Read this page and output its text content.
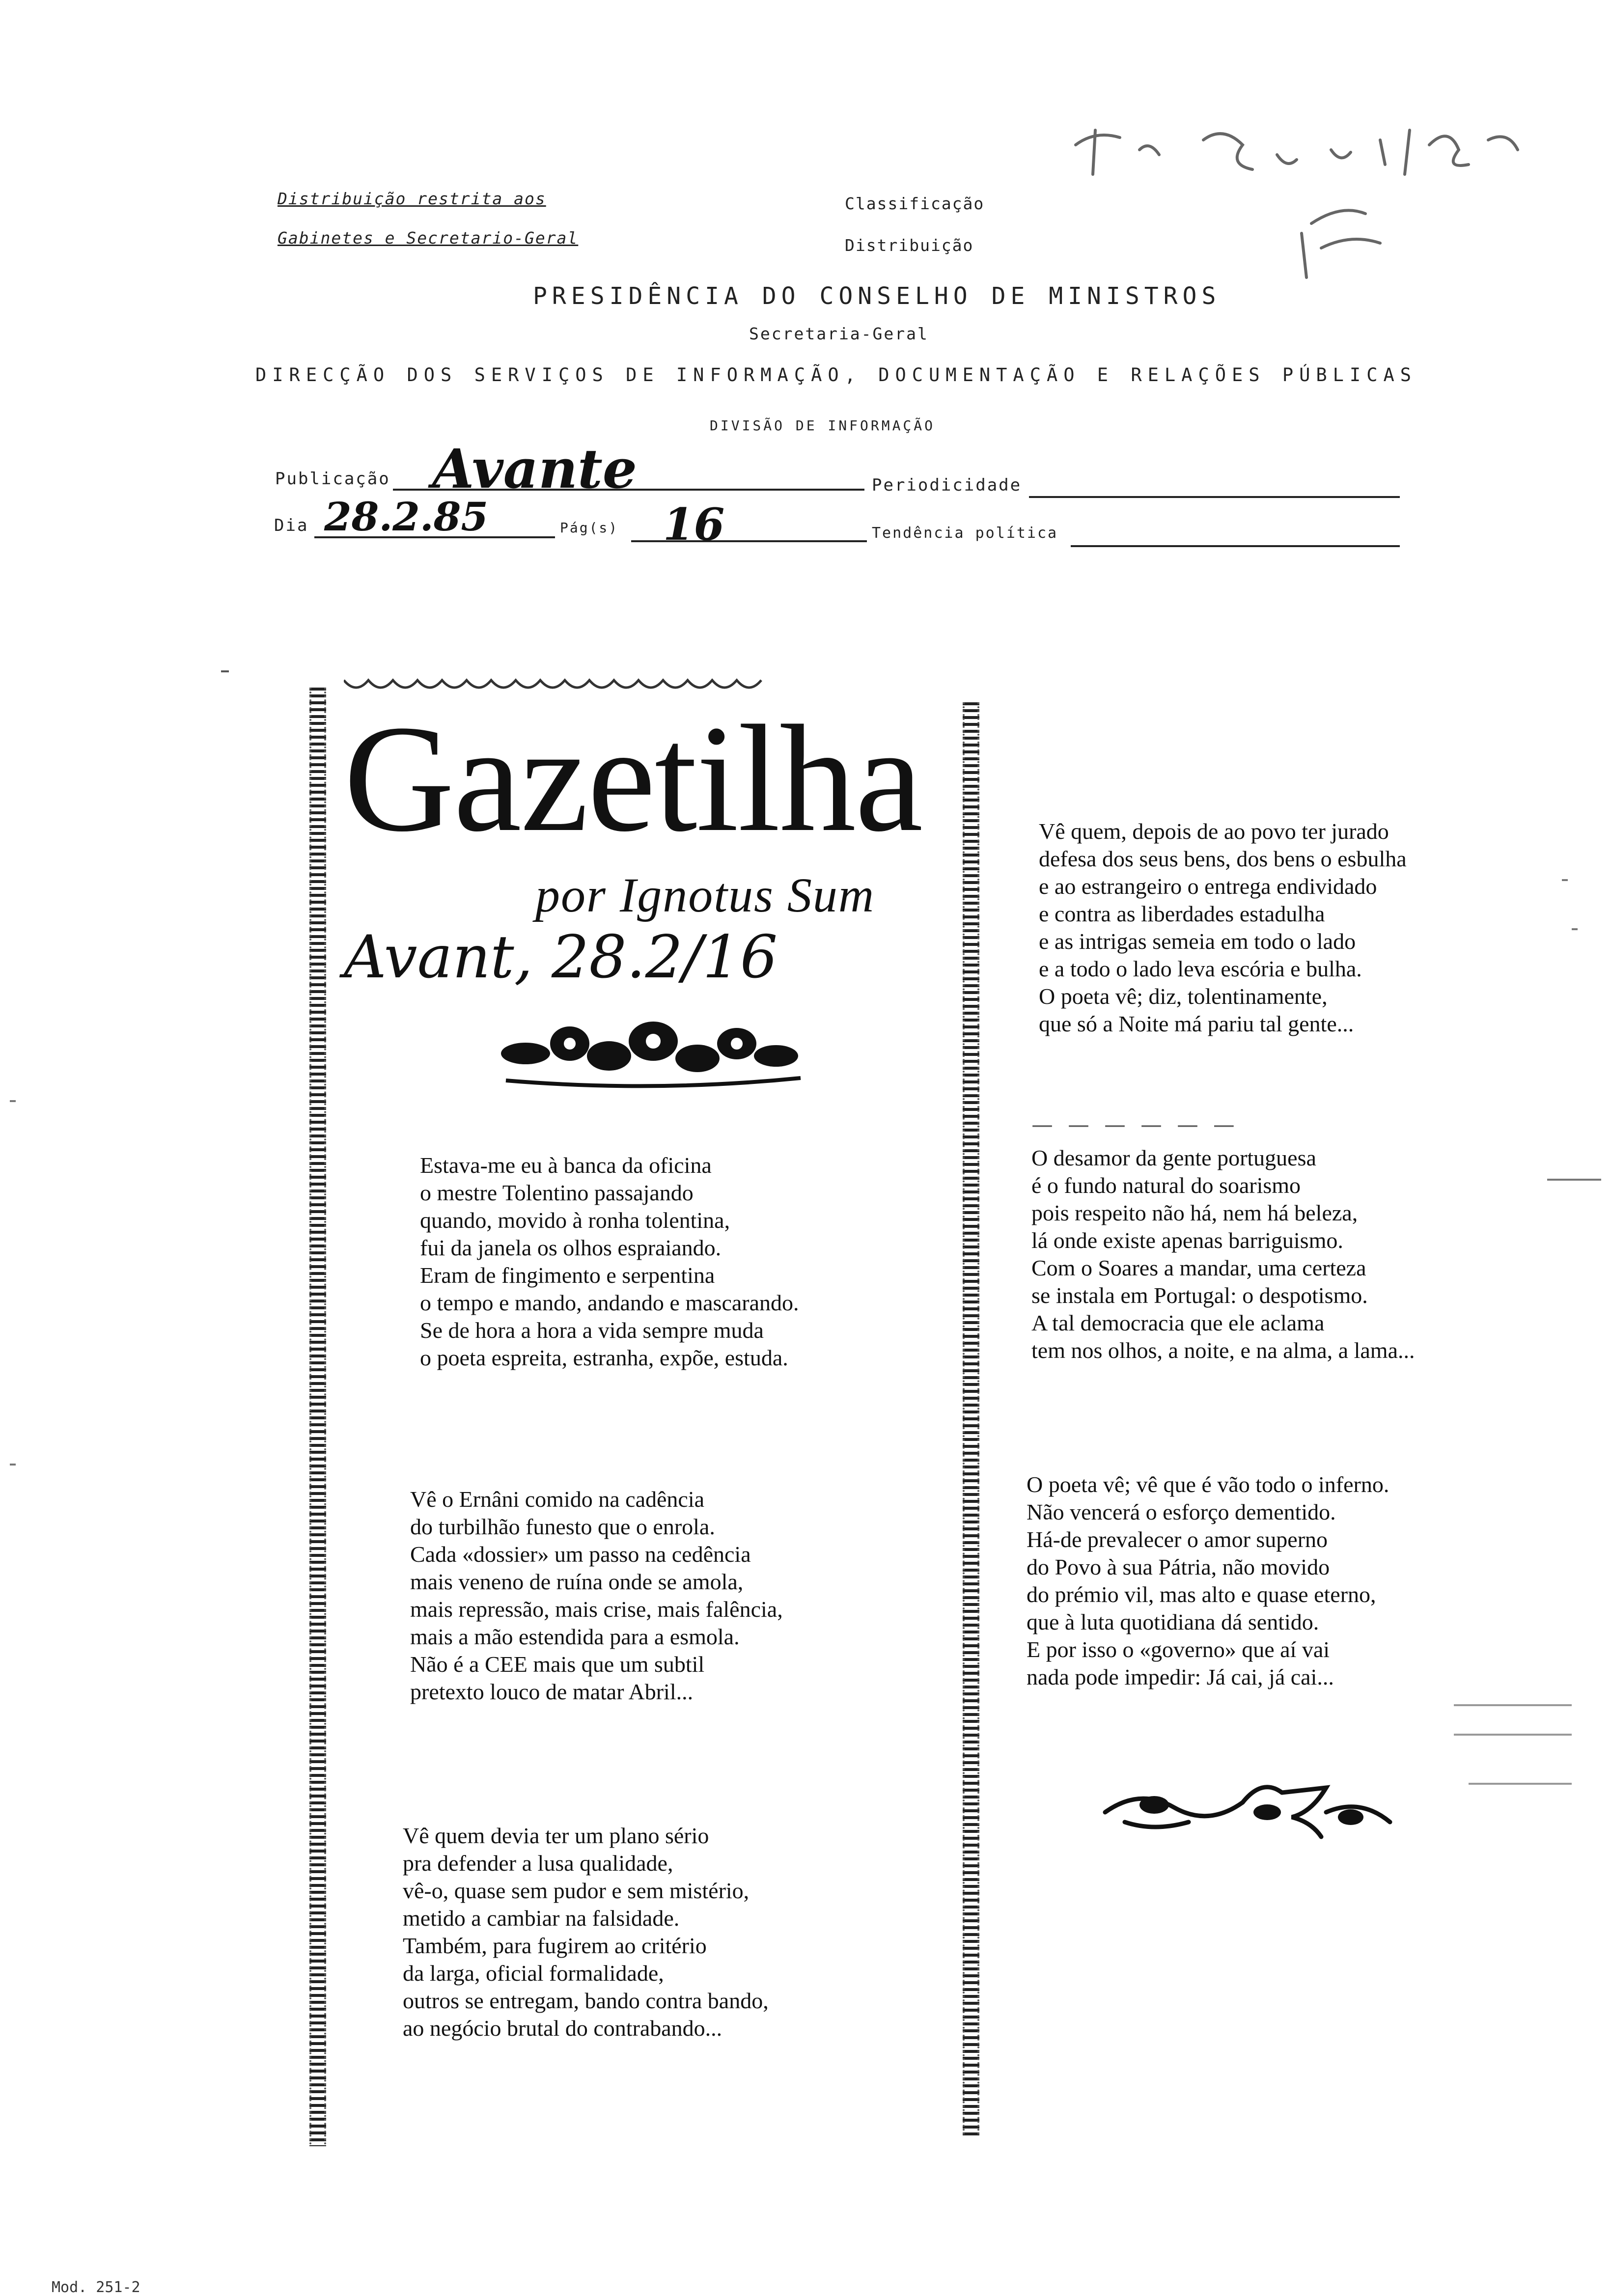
Distribuição restrita aos
Gabinetes e Secretario-Geral
Classificação
Distribuição
PRESIDÊNCIA DO CONSELHO DE MINISTROS
Secretaria-Geral
DIRECÇÃO DOS SERVIÇOS DE INFORMAÇÃO, DOCUMENTAÇÃO E RELAÇÕES PÚBLICAS
DIVISÃO DE INFORMAÇÃO
Publicação Avante	Periodicidade
Dia 28.2.85	Pág(s) 16	Tendência política
Gazetilha
por Ignotus Sum
Avant, 28.2/16
Estava-me eu à banca da oficina
o mestre Tolentino passajando
quando, movido à ronha tolentina,
fui da janela os olhos espraiando.
Eram de fingimento e serpentina
o tempo e mando, andando e mascarando.
Se de hora a hora a vida sempre muda
o poeta espreita, estranha, expõe, estuda.
Vê o Ernâni comido na cadência
do turbilhão funesto que o enrola.
Cada «dossier» um passo na cedência
mais veneno de ruína onde se amola,
mais repressão, mais crise, mais falência,
mais a mão estendida para a esmola.
Não é a CEE mais que um subtil
pretexto louco de matar Abril...
Vê quem devia ter um plano sério
pra defender a lusa qualidade,
vê-o, quase sem pudor e sem mistério,
metido a cambiar na falsidade.
Também, para fugirem ao critério
da larga, oficial formalidade,
outros se entregam, bando contra bando,
ao negócio brutal do contrabando...
Vê quem, depois de ao povo ter jurado
defesa dos seus bens, dos bens o esbulha
e ao estrangeiro o entrega endividado
e contra as liberdades estadulha
e as intrigas semeia em todo o lado
e a todo o lado leva escória e bulha.
O poeta vê; diz, tolentinamente,
que só a Noite má pariu tal gente...
— — — — — —
O desamor da gente portuguesa
é o fundo natural do soarismo
pois respeito não há, nem há beleza,
lá onde existe apenas barriguismo.
Com o Soares a mandar, uma certeza
se instala em Portugal: o despotismo.
A tal democracia que ele aclama
tem nos olhos, a noite, e na alma, a lama...
O poeta vê; vê que é vão todo o inferno.
Não vencerá o esforço dementido.
Há-de prevalecer o amor superno
do Povo à sua Pátria, não movido
do prémio vil, mas alto e quase eterno,
que à luta quotidiana dá sentido.
E por isso o «governo» que aí vai
nada pode impedir: Já cai, já cai...
Mod. 251-2
